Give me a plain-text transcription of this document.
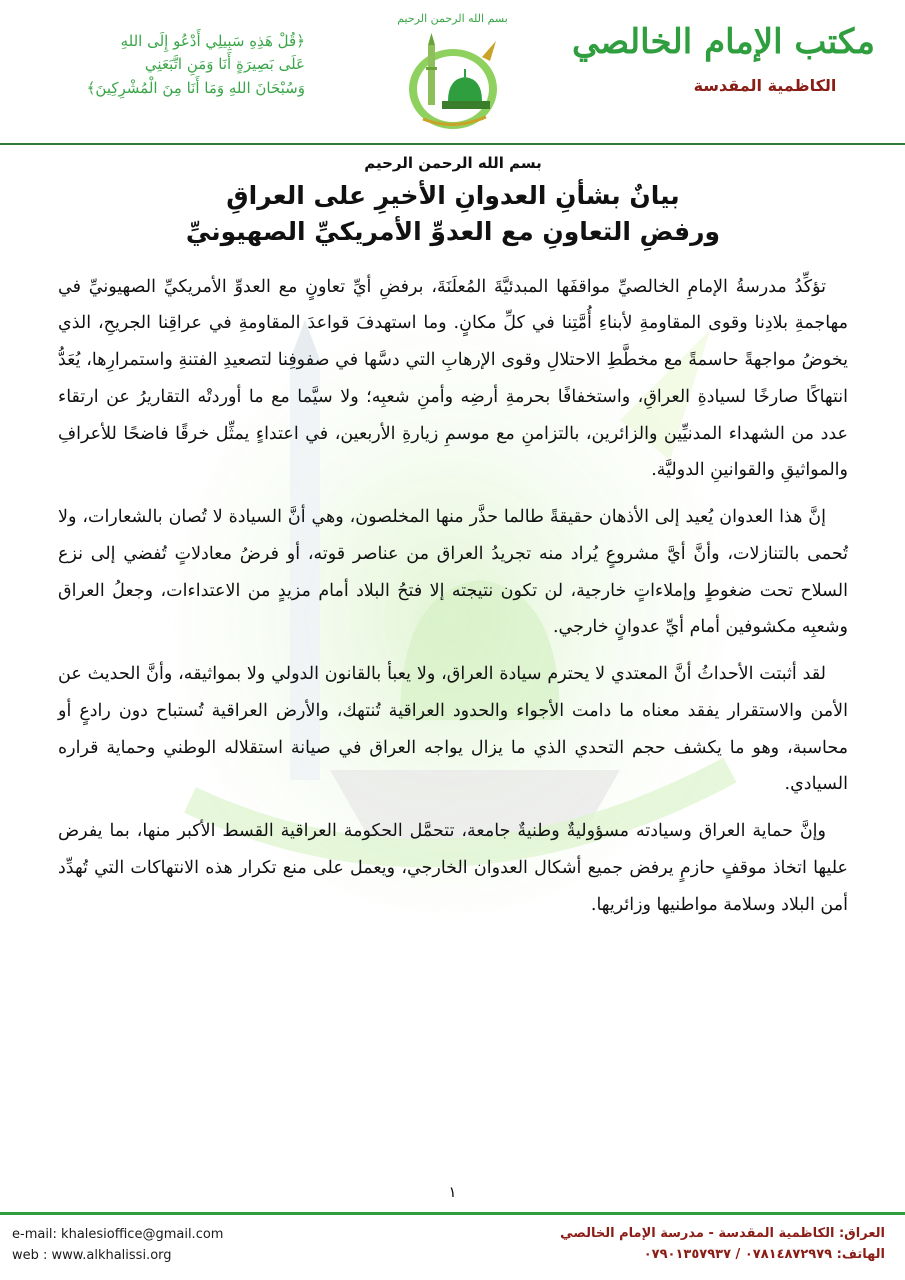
مكتب الإمام الخالصي
الكاظمية المقدسة
بسم الله الرحمن الرحيم
﴿قُلْ هَذِهِ سَبِيلِي أَدْعُو إِلَى اللهِ
عَلَى بَصِيرَةٍ أَنَا وَمَنِ اتَّبَعَنِي
وَسُبْحَانَ اللهِ وَمَا أَنَا مِنَ الْمُشْرِكِينَ﴾
بسم الله الرحمن الرحيم
بيانٌ بشأنِ العدوانِ الأخيرِ على العراقِ
ورفضِ التعاونِ مع العدوِّ الأمريكيِّ الصهيونيِّ

تؤكِّدُ مدرسةُ الإمامِ الخالصيِّ مواقفَها المبدئيَّةَ المُعلَنَةَ، برفضِ أيِّ تعاونٍ مع العدوِّ الأمريكيِّ الصهيونيِّ في مهاجمةِ بلادِنا وقوى المقاومةِ لأبناءِ أُمَّتِنا في كلِّ مكانٍ. وما استهدفَ قواعدَ المقاومةِ في عراقِنا الجريحِ، الذي يخوضُ مواجهةً حاسمةً مع مخطَّطِ الاحتلالِ وقوى الإرهابِ التي دسَّها في صفوفِنا لتصعيدِ الفتنةِ واستمرارِها، يُعَدُّ انتهاكًا صارخًا لسيادةِ العراقِ، واستخفافًا بحرمةِ أرضِه وأمنِ شعبِه؛ ولا سيَّما مع ما أوردتْه التقاريرُ عن ارتقاء عدد من الشهداء المدنيِّين والزائرين، بالتزامنِ مع موسمِ زيارةِ الأربعين، في اعتداءٍ يمثِّل خرقًا فاضحًا للأعرافِ والمواثيقِ والقوانينِ الدوليَّة.

إنَّ هذا العدوان يُعيد إلى الأذهان حقيقةً طالما حذَّر منها المخلصون، وهي أنَّ السيادة لا تُصان بالشعارات، ولا تُحمى بالتنازلات، وأنَّ أيَّ مشروعٍ يُراد منه تجريدُ العراق من عناصر قوته، أو فرضُ معادلاتٍ تُفضي إلى نزع السلاح تحت ضغوطٍ وإملاءاتٍ خارجية، لن تكون نتيجته إلا فتحُ البلاد أمام مزيدٍ من الاعتداءات، وجعلُ العراق وشعبِه مكشوفين أمام أيِّ عدوانٍ خارجي.

لقد أثبتت الأحداثُ أنَّ المعتدي لا يحترم سيادة العراق، ولا يعبأ بالقانون الدولي ولا بمواثيقه، وأنَّ الحديث عن الأمن والاستقرار يفقد معناه ما دامت الأجواء والحدود العراقية تُنتهك، والأرض العراقية تُستباح دون رادعٍ أو محاسبة، وهو ما يكشف حجم التحدي الذي ما يزال يواجه العراق في صيانة استقلاله الوطني وحماية قراره السيادي.

وإنَّ حماية العراق وسيادته مسؤوليةٌ وطنيةٌ جامعة، تتحمَّل الحكومة العراقية القسط الأكبر منها، بما يفرض عليها اتخاذ موقفٍ حازمٍ يرفض جميع أشكال العدوان الخارجي، ويعمل على منع تكرار هذه الانتهاكات التي تُهدِّد أمن البلاد وسلامة مواطنيها وزائريها.

١
e-mail: khalesioffice@gmail.com
web : www.alkhalissi.org
العراق: الكاظمية المقدسة - مدرسة الإمام الخالصي
الهاتف: ٠٧٨١٤٨٧٢٩٧٩ / ٠٧٩٠١٣٥٧٩٣٧
